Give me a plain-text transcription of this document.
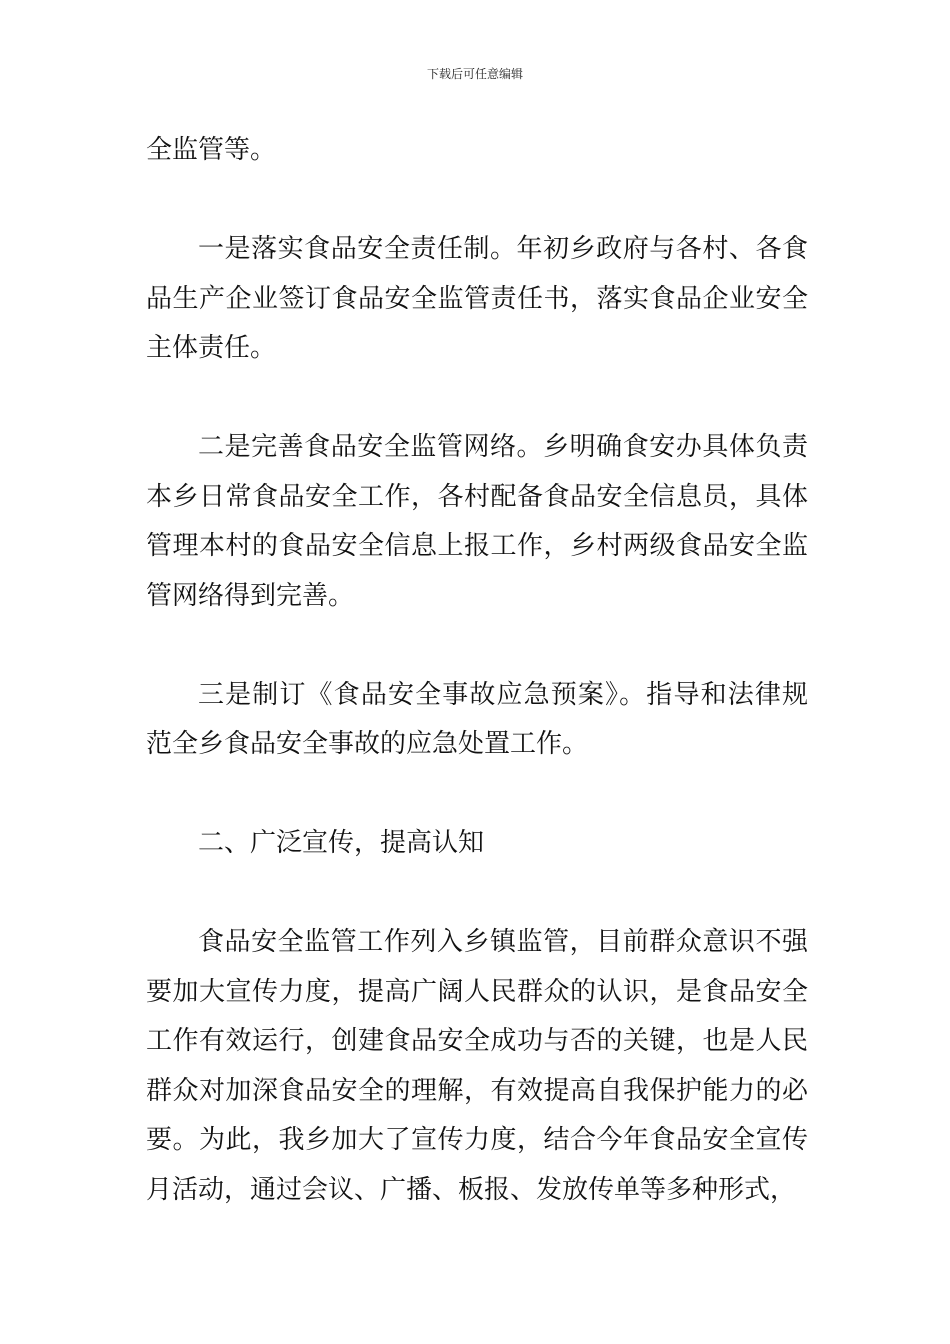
下载后可任意编辑

全监管等。

一是落实食品安全责任制。年初乡政府与各村、各食品生产企业签订食品安全监管责任书，落实食品企业安全主体责任。

二是完善食品安全监管网络。乡明确食安办具体负责本乡日常食品安全工作，各村配备食品安全信息员，具体管理本村的食品安全信息上报工作，乡村两级食品安全监管网络得到完善。

三是制订《食品安全事故应急预案》。指导和法律规范全乡食品安全事故的应急处置工作。

二、广泛宣传，提高认知

食品安全监管工作列入乡镇监管，目前群众意识不强要加大宣传力度，提高广阔人民群众的认识，是食品安全工作有效运行，创建食品安全成功与否的关键，也是人民群众对加深食品安全的理解，有效提高自我保护能力的必要。为此，我乡加大了宣传力度，结合今年食品安全宣传月活动，通过会议、广播、板报、发放传单等多种形式，
